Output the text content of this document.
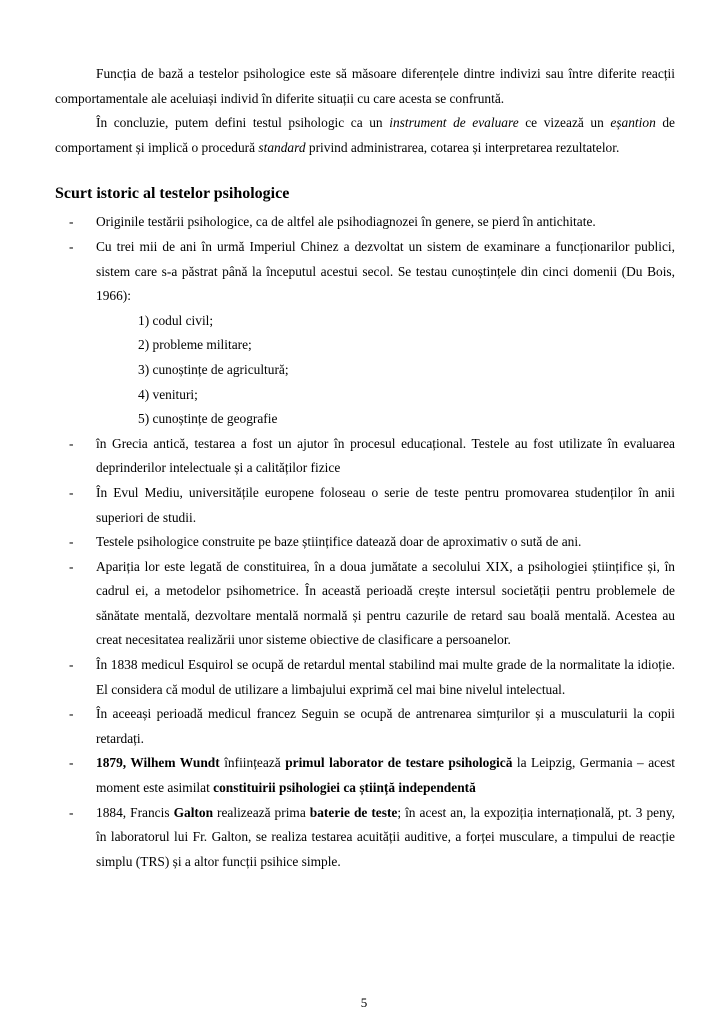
Funcția de bază a testelor psihologice este să măsoare diferențele dintre indivizi sau între diferite reacții comportamentale ale aceluiași individ în diferite situații cu care acesta se confruntă.

În concluzie, putem defini testul psihologic ca un instrument de evaluare ce vizează un eșantion de comportament și implică o procedură standard privind administrarea, cotarea și interpretarea rezultatelor.

Scurt istoric al testelor psihologice
- Originile testării psihologice, ca de altfel ale psihodiagnozei în genere, se pierd în antichitate.
- Cu trei mii de ani în urmă Imperiul Chinez a dezvoltat un sistem de examinare a funcționarilor publici, sistem care s-a păstrat până la începutul acestui secol. Se testau cunoștințele din cinci domenii (Du Bois, 1966):
1) codul civil;
2) probleme militare;
3) cunoștințe de agricultură;
4) venituri;
5) cunoștințe de geografie
- în Grecia antică, testarea a fost un ajutor în procesul educațional. Testele au fost utilizate în evaluarea deprinderilor intelectuale și a calităților fizice
- În Evul Mediu, universitățile europene foloseau o serie de teste pentru promovarea studenților în anii superiori de studii.
- Testele psihologice construite pe baze științifice datează doar de aproximativ o sută de ani.
- Apariția lor este legată de constituirea, în a doua jumătate a secolului XIX, a psihologiei științifice și, în cadrul ei, a metodelor psihometrice. În această perioadă crește intersul societății pentru problemele de sănătate mentală, dezvoltare mentală normală și pentru cazurile de retard sau boală mentală. Acestea au creat necesitatea realizării unor sisteme obiective de clasificare a persoanelor.
- În 1838 medicul Esquirol se ocupă de retardul mental stabilind mai multe grade de la normalitate la idioție. El considera că modul de utilizare a limbajului exprimă cel mai bine nivelul intelectual.
- În aceeași perioadă medicul francez Seguin se ocupă de antrenarea simțurilor și a musculaturii la copii retardați.
- 1879, Wilhem Wundt înființează primul laborator de testare psihologică la Leipzig, Germania – acest moment este asimilat constituirii psihologiei ca știință independentă
- 1884, Francis Galton realizează prima baterie de teste; în acest an, la expoziția internațională, pt. 3 peny, în laboratorul lui Fr. Galton, se realiza testarea acuității auditive, a forței musculare, a timpului de reacție simplu (TRS) și a altor funcții psihice simple.
5
